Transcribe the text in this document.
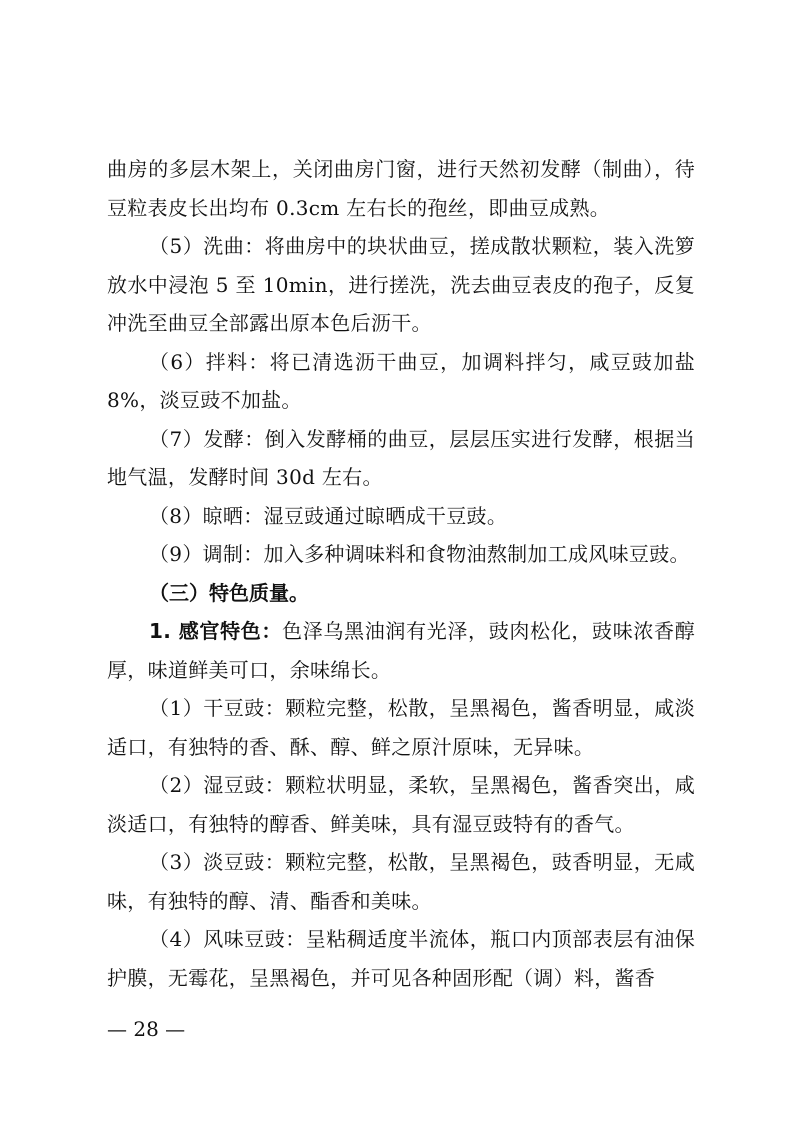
曲房的多层木架上，关闭曲房门窗，进行天然初发酵（制曲），待豆粒表皮长出均布 0.3cm 左右长的孢丝，即曲豆成熟。

（5）洗曲：将曲房中的块状曲豆，搓成散状颗粒，装入洗箩放水中浸泡 5 至 10min，进行搓洗，洗去曲豆表皮的孢子，反复冲洗至曲豆全部露出原本色后沥干。

（6）拌料：将已清选沥干曲豆，加调料拌匀，咸豆豉加盐 8%，淡豆豉不加盐。

（7）发酵：倒入发酵桶的曲豆，层层压实进行发酵，根据当地气温，发酵时间 30d 左右。

（8）晾晒：湿豆豉通过晾晒成干豆豉。

（9）调制：加入多种调味料和食物油熬制加工成风味豆豉。

（三）特色质量。

1. 感官特色：色泽乌黑油润有光泽，豉肉松化，豉味浓香醇厚，味道鲜美可口，余味绵长。

（1）干豆豉：颗粒完整，松散，呈黑褐色，酱香明显，咸淡适口，有独特的香、酥、醇、鲜之原汁原味，无异味。

（2）湿豆豉：颗粒状明显，柔软，呈黑褐色，酱香突出，咸淡适口，有独特的醇香、鲜美味，具有湿豆豉特有的香气。

（3）淡豆豉：颗粒完整，松散，呈黑褐色，豉香明显，无咸味，有独特的醇、清、酯香和美味。

（4）风味豆豉：呈粘稠适度半流体，瓶口内顶部表层有油保护膜，无霉花，呈黑褐色，并可见各种固形配（调）料，酱香

— 28 —
